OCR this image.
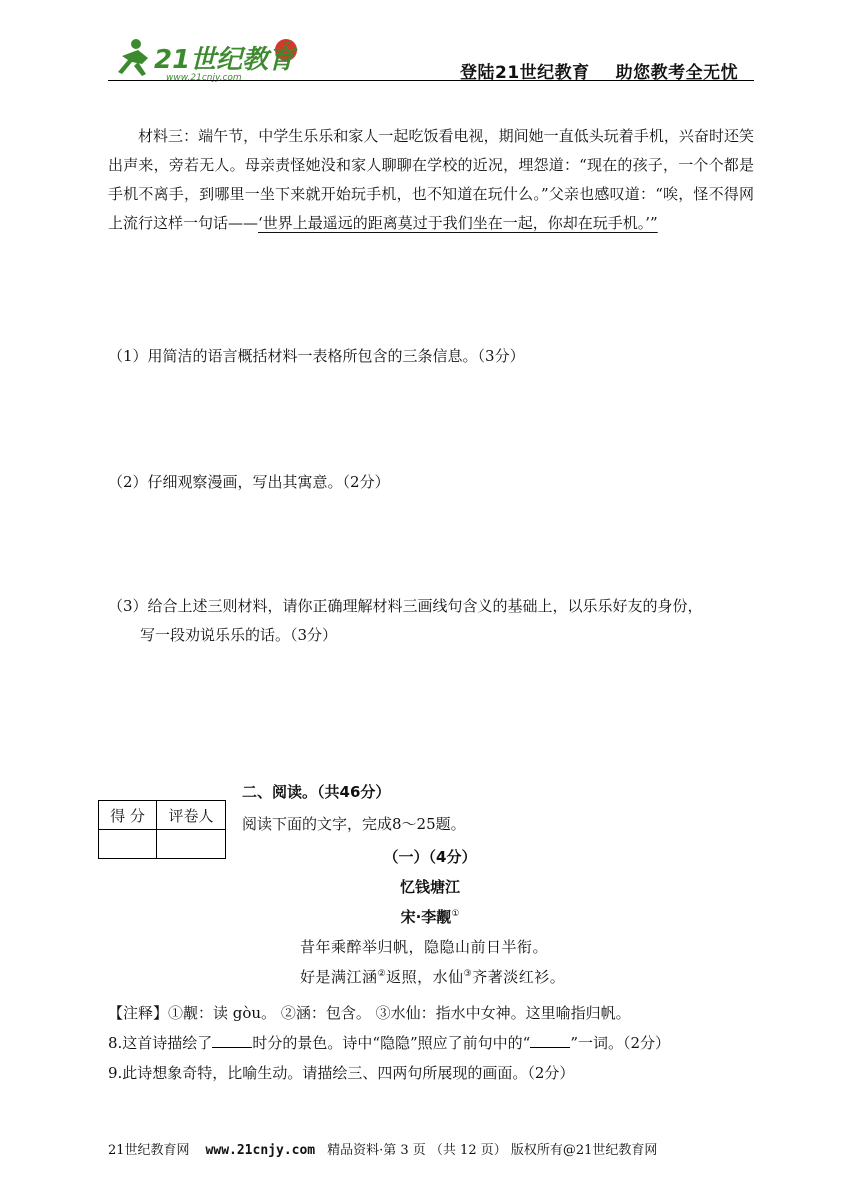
21世纪教育
www.21cnjy.com	登陆21世纪教育 助您教考全无忧
材料三：端午节，中学生乐乐和家人一起吃饭看电视，期间她一直低头玩着手机，兴奋时还笑出声来，旁若无人。母亲责怪她没和家人聊聊在学校的近况，埋怨道：“现在的孩子，一个个都是手机不离手，到哪里一坐下来就开始玩手机，也不知道在玩什么。”父亲也感叹道：“唉，怪不得网上流行这样一句话——‘世界上最遥远的距离莫过于我们坐在一起，你却在玩手机。’”
（1）用简洁的语言概括材料一表格所包含的三条信息。（3分）
（2）仔细观察漫画，写出其寓意。（2分）
（3）给合上述三则材料，请你正确理解材料三画线句含义的基础上，以乐乐好友的身份，
写一段劝说乐乐的话。（3分）
得 分	评卷人

二、阅读。（共46分）
阅读下面的文字，完成8～25题。
（一）（4分）
忆钱塘江
宋·李觏①
昔年乘醉举归帆，隐隐山前日半衔。
好是满江涵②返照，水仙③齐著淡红衫。
【注释】①觏：读 gòu。 ②涵：包含。 ③水仙：指水中女神。这里喻指归帆。
8.这首诗描绘了	时分的景色。诗中“隐隐”照应了前句中的“	”一词。（2分）
9.此诗想象奇特，比喻生动。请描绘三、四两句所展现的画面。（2分）
21世纪教育网 www.21cnjy.com 精品资料·第 3 页 （共 12 页） 版权所有@21世纪教育网
